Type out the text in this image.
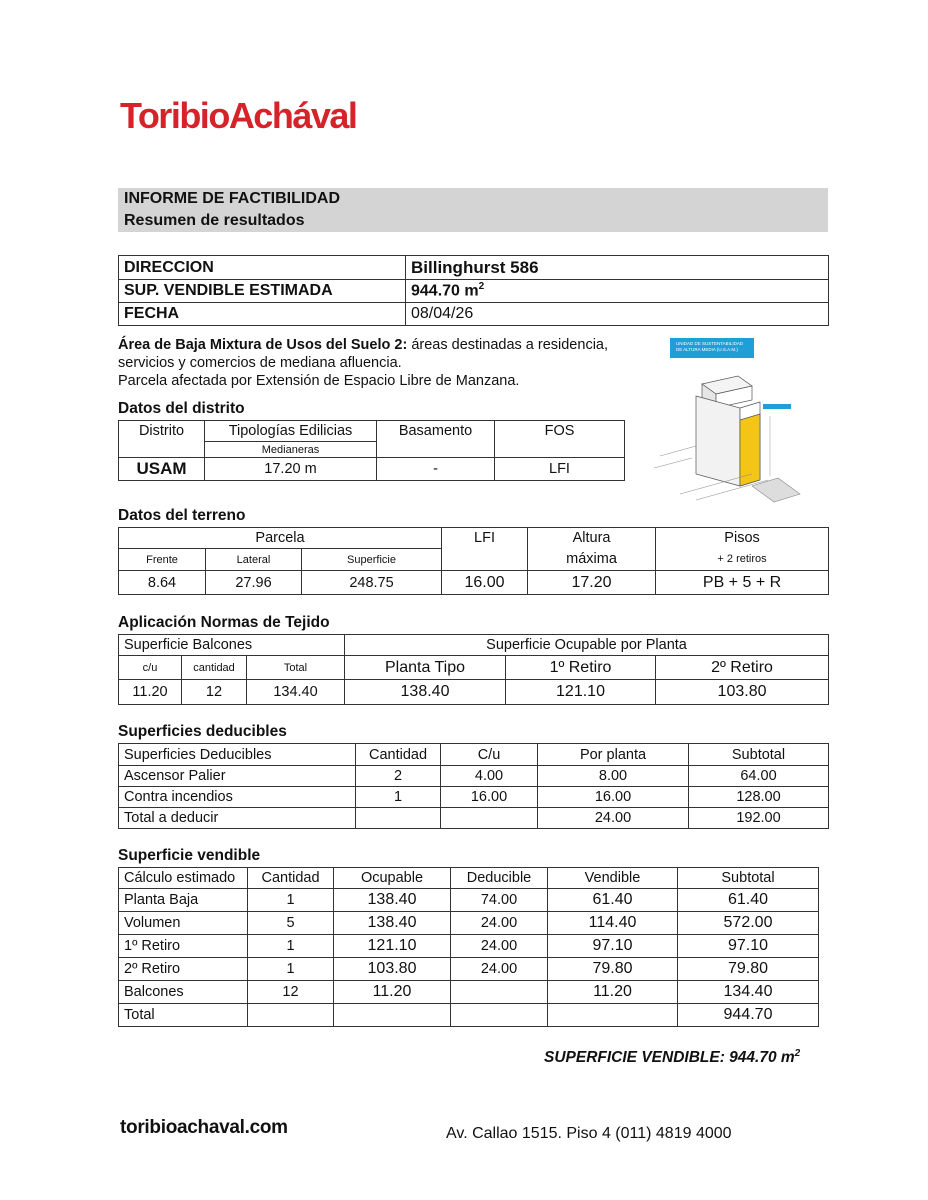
ToribioAchával
INFORME DE FACTIBILIDAD
Resumen de resultados
DIRECCION	Billinghurst 586
SUP. VENDIBLE ESTIMADA	944.70 $m^2$
FECHA	08/04/26
Área de Baja Mixtura de Usos del Suelo 2: áreas destinadas a residencia, servicios y comercios de mediana afluencia.
Parcela afectada por Extensión de Espacio Libre de Manzana.
UNIDAD DE SUSTENTABILIDAD
DE ALTURA MEDIA (U.S.A.M.)
17,20 m
Datos del distrito
Distrito	Tipologías Edilicias	Basamento	FOS
	Medianeras		
USAM	17.20 m	-	LFI
Datos del terreno
Parcela			LFI	Altura	Pisos
Frente	Lateral	Superficie		máxima	+ 2 retiros
8.64	27.96	248.75	16.00	17.20	PB + 5 + R
Aplicación Normas de Tejido
Superficie Balcones			Superficie Ocupable por Planta		
c/u	cantidad	Total	Planta Tipo	1º Retiro	2º Retiro
11.20	12	134.40	138.40	121.10	103.80
Superficies deducibles
Superficies Deducibles	Cantidad	C/u	Por planta	Subtotal
Ascensor Palier	2	4.00	8.00	64.00
Contra incendios	1	16.00	16.00	128.00
Total a deducir			24.00	192.00
Superficie vendible
Cálculo estimado	Cantidad	Ocupable	Deducible	Vendible	Subtotal
Planta Baja	1	138.40	74.00	61.40	61.40
Volumen	5	138.40	24.00	114.40	572.00
1º Retiro	1	121.10	24.00	97.10	97.10
2º Retiro	1	103.80	24.00	79.80	79.80
Balcones	12	11.20		11.20	134.40
Total					944.70
SUPERFICIE VENDIBLE: 944.70 $m^2$
toribioachaval.com	Av. Callao 1515. Piso 4 (011) 4819 4000
